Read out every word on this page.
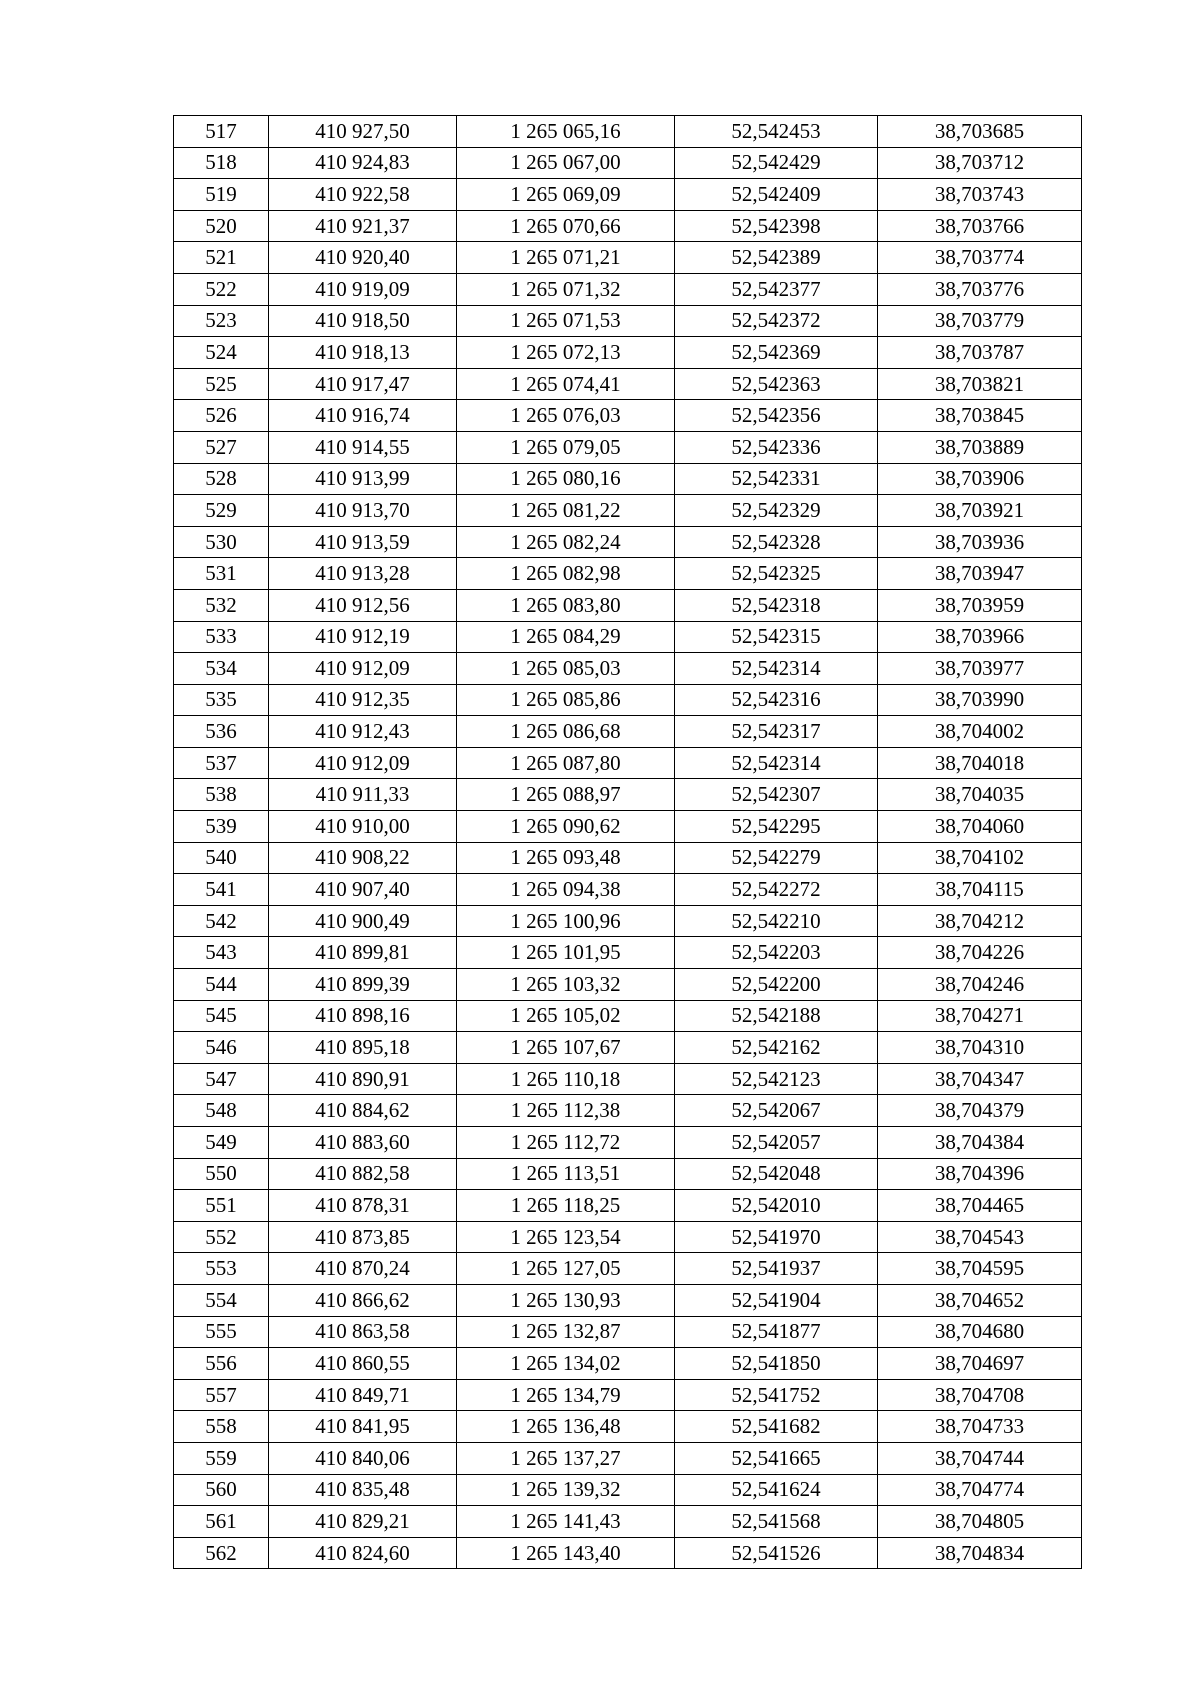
517	410 927,50	1 265 065,16	52,542453	38,703685
518	410 924,83	1 265 067,00	52,542429	38,703712
519	410 922,58	1 265 069,09	52,542409	38,703743
520	410 921,37	1 265 070,66	52,542398	38,703766
521	410 920,40	1 265 071,21	52,542389	38,703774
522	410 919,09	1 265 071,32	52,542377	38,703776
523	410 918,50	1 265 071,53	52,542372	38,703779
524	410 918,13	1 265 072,13	52,542369	38,703787
525	410 917,47	1 265 074,41	52,542363	38,703821
526	410 916,74	1 265 076,03	52,542356	38,703845
527	410 914,55	1 265 079,05	52,542336	38,703889
528	410 913,99	1 265 080,16	52,542331	38,703906
529	410 913,70	1 265 081,22	52,542329	38,703921
530	410 913,59	1 265 082,24	52,542328	38,703936
531	410 913,28	1 265 082,98	52,542325	38,703947
532	410 912,56	1 265 083,80	52,542318	38,703959
533	410 912,19	1 265 084,29	52,542315	38,703966
534	410 912,09	1 265 085,03	52,542314	38,703977
535	410 912,35	1 265 085,86	52,542316	38,703990
536	410 912,43	1 265 086,68	52,542317	38,704002
537	410 912,09	1 265 087,80	52,542314	38,704018
538	410 911,33	1 265 088,97	52,542307	38,704035
539	410 910,00	1 265 090,62	52,542295	38,704060
540	410 908,22	1 265 093,48	52,542279	38,704102
541	410 907,40	1 265 094,38	52,542272	38,704115
542	410 900,49	1 265 100,96	52,542210	38,704212
543	410 899,81	1 265 101,95	52,542203	38,704226
544	410 899,39	1 265 103,32	52,542200	38,704246
545	410 898,16	1 265 105,02	52,542188	38,704271
546	410 895,18	1 265 107,67	52,542162	38,704310
547	410 890,91	1 265 110,18	52,542123	38,704347
548	410 884,62	1 265 112,38	52,542067	38,704379
549	410 883,60	1 265 112,72	52,542057	38,704384
550	410 882,58	1 265 113,51	52,542048	38,704396
551	410 878,31	1 265 118,25	52,542010	38,704465
552	410 873,85	1 265 123,54	52,541970	38,704543
553	410 870,24	1 265 127,05	52,541937	38,704595
554	410 866,62	1 265 130,93	52,541904	38,704652
555	410 863,58	1 265 132,87	52,541877	38,704680
556	410 860,55	1 265 134,02	52,541850	38,704697
557	410 849,71	1 265 134,79	52,541752	38,704708
558	410 841,95	1 265 136,48	52,541682	38,704733
559	410 840,06	1 265 137,27	52,541665	38,704744
560	410 835,48	1 265 139,32	52,541624	38,704774
561	410 829,21	1 265 141,43	52,541568	38,704805
562	410 824,60	1 265 143,40	52,541526	38,704834
